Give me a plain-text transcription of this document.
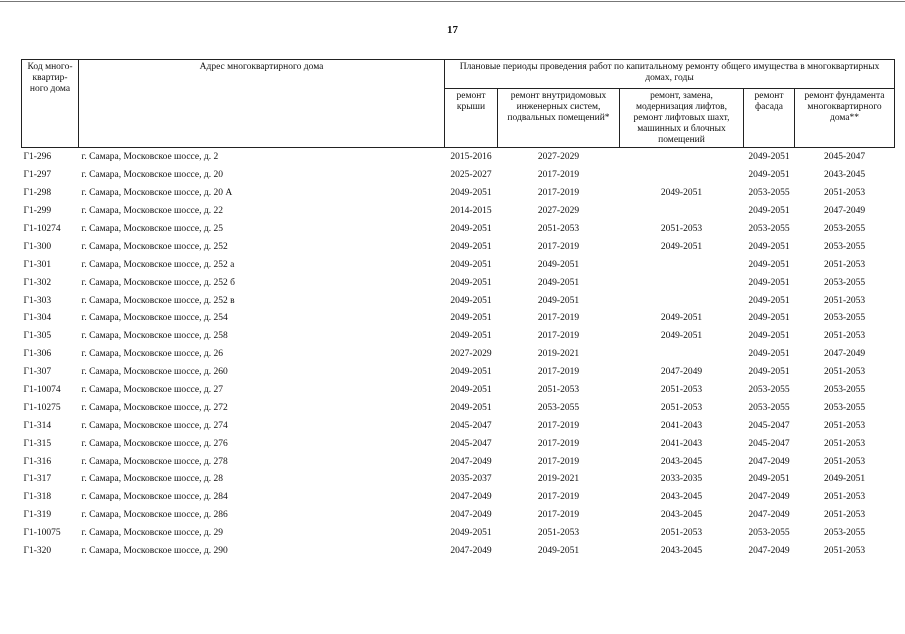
17
Код много-квартир-ного дома	Адрес многоквартирного дома	Плановые периоды проведения работ по капитальному ремонту общего имущества в многоквартирных домах, годы				
		ремонт крыши	ремонт внутридомовых инженерных систем, подвальных помещений*	ремонт, замена, модернизация лифтов, ремонт лифтовых шахт, машинных и блочных помещений	ремонт фасада	ремонт фундамента многоквартирного дома**
Г1-296	г. Самара, Московское шоссе, д. 2	2015-2016	2027-2029		2049-2051	2045-2047
Г1-297	г. Самара, Московское шоссе, д. 20	2025-2027	2017-2019		2049-2051	2043-2045
Г1-298	г. Самара, Московское шоссе, д. 20 А	2049-2051	2017-2019	2049-2051	2053-2055	2051-2053
Г1-299	г. Самара, Московское шоссе, д. 22	2014-2015	2027-2029		2049-2051	2047-2049
Г1-10274	г. Самара, Московское шоссе, д. 25	2049-2051	2051-2053	2051-2053	2053-2055	2053-2055
Г1-300	г. Самара, Московское шоссе, д. 252	2049-2051	2017-2019	2049-2051	2049-2051	2053-2055
Г1-301	г. Самара, Московское шоссе, д. 252 а	2049-2051	2049-2051		2049-2051	2051-2053
Г1-302	г. Самара, Московское шоссе, д. 252 б	2049-2051	2049-2051		2049-2051	2053-2055
Г1-303	г. Самара, Московское шоссе, д. 252 в	2049-2051	2049-2051		2049-2051	2051-2053
Г1-304	г. Самара, Московское шоссе, д. 254	2049-2051	2017-2019	2049-2051	2049-2051	2053-2055
Г1-305	г. Самара, Московское шоссе, д. 258	2049-2051	2017-2019	2049-2051	2049-2051	2051-2053
Г1-306	г. Самара, Московское шоссе, д. 26	2027-2029	2019-2021		2049-2051	2047-2049
Г1-307	г. Самара, Московское шоссе, д. 260	2049-2051	2017-2019	2047-2049	2049-2051	2051-2053
Г1-10074	г. Самара, Московское шоссе, д. 27	2049-2051	2051-2053	2051-2053	2053-2055	2053-2055
Г1-10275	г. Самара, Московское шоссе, д. 272	2049-2051	2053-2055	2051-2053	2053-2055	2053-2055
Г1-314	г. Самара, Московское шоссе, д. 274	2045-2047	2017-2019	2041-2043	2045-2047	2051-2053
Г1-315	г. Самара, Московское шоссе, д. 276	2045-2047	2017-2019	2041-2043	2045-2047	2051-2053
Г1-316	г. Самара, Московское шоссе, д. 278	2047-2049	2017-2019	2043-2045	2047-2049	2051-2053
Г1-317	г. Самара, Московское шоссе, д. 28	2035-2037	2019-2021	2033-2035	2049-2051	2049-2051
Г1-318	г. Самара, Московское шоссе, д. 284	2047-2049	2017-2019	2043-2045	2047-2049	2051-2053
Г1-319	г. Самара, Московское шоссе, д. 286	2047-2049	2017-2019	2043-2045	2047-2049	2051-2053
Г1-10075	г. Самара, Московское шоссе, д. 29	2049-2051	2051-2053	2051-2053	2053-2055	2053-2055
Г1-320	г. Самара, Московское шоссе, д. 290	2047-2049	2049-2051	2043-2045	2047-2049	2051-2053
